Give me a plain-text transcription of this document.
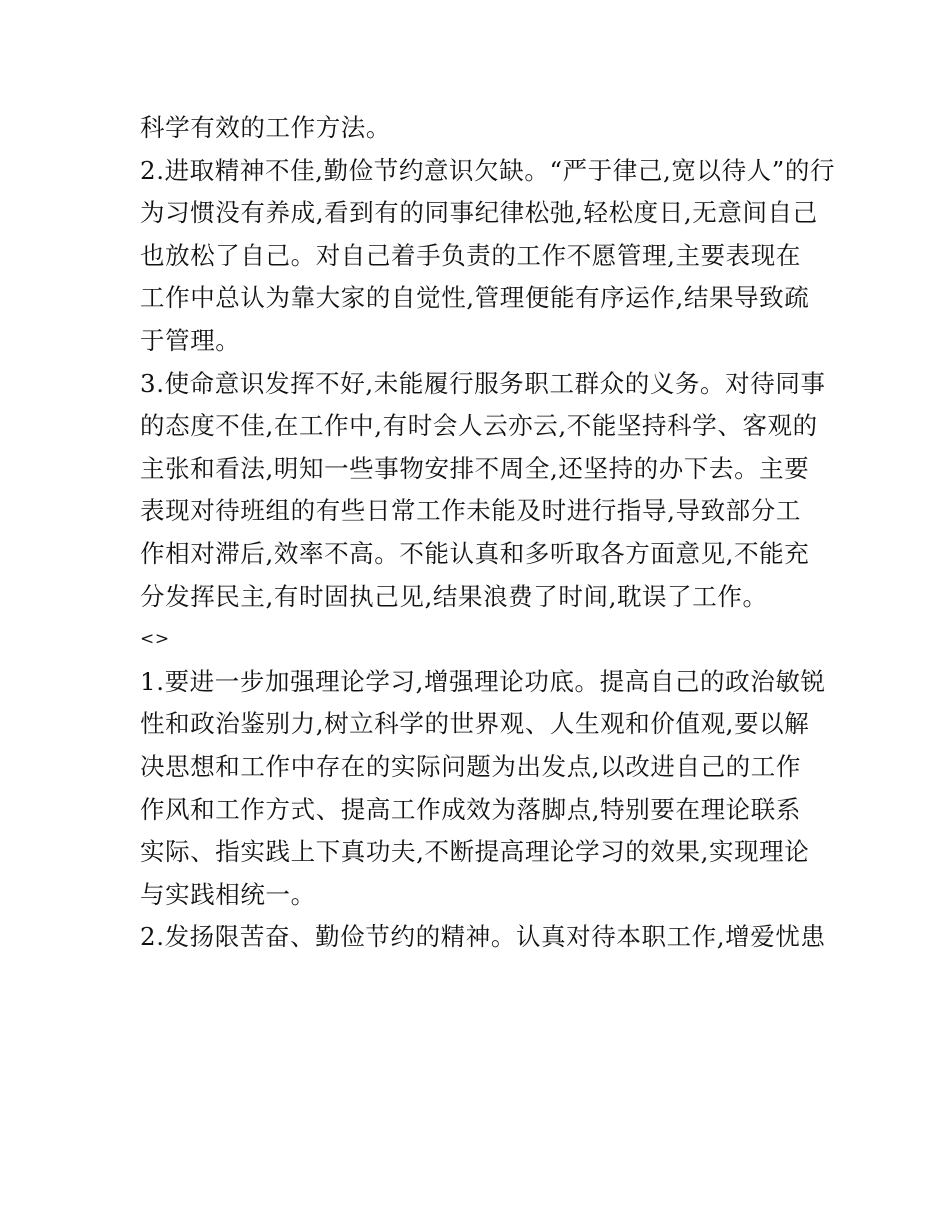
科学有效的工作方法。
2.进取精神不佳,勤俭节约意识欠缺。“严于律己,宽以待人”的行
为习惯没有养成,看到有的同事纪律松弛,轻松度日,无意间自己
也放松了自己。对自己着手负责的工作不愿管理,主要表现在
工作中总认为靠大家的自觉性,管理便能有序运作,结果导致疏
于管理。
3.使命意识发挥不好,未能履行服务职工群众的义务。对待同事
的态度不佳,在工作中,有时会人云亦云,不能坚持科学、客观的
主张和看法,明知一些事物安排不周全,还坚持的办下去。主要
表现对待班组的有些日常工作未能及时进行指导,导致部分工
作相对滞后,效率不高。不能认真和多听取各方面意见,不能充
分发挥民主,有时固执己见,结果浪费了时间,耽误了工作。
<>
1.要进一步加强理论学习,增强理论功底。提高自己的政治敏锐
性和政治鉴别力,树立科学的世界观、人生观和价值观,要以解
决思想和工作中存在的实际问题为出发点,以改进自己的工作
作风和工作方式、提高工作成效为落脚点,特别要在理论联系
实际、指实践上下真功夫,不断提高理论学习的效果,实现理论
与实践相统一。
2.发扬限苦奋、勤俭节约的精神。认真对待本职工作,增爱忧患
